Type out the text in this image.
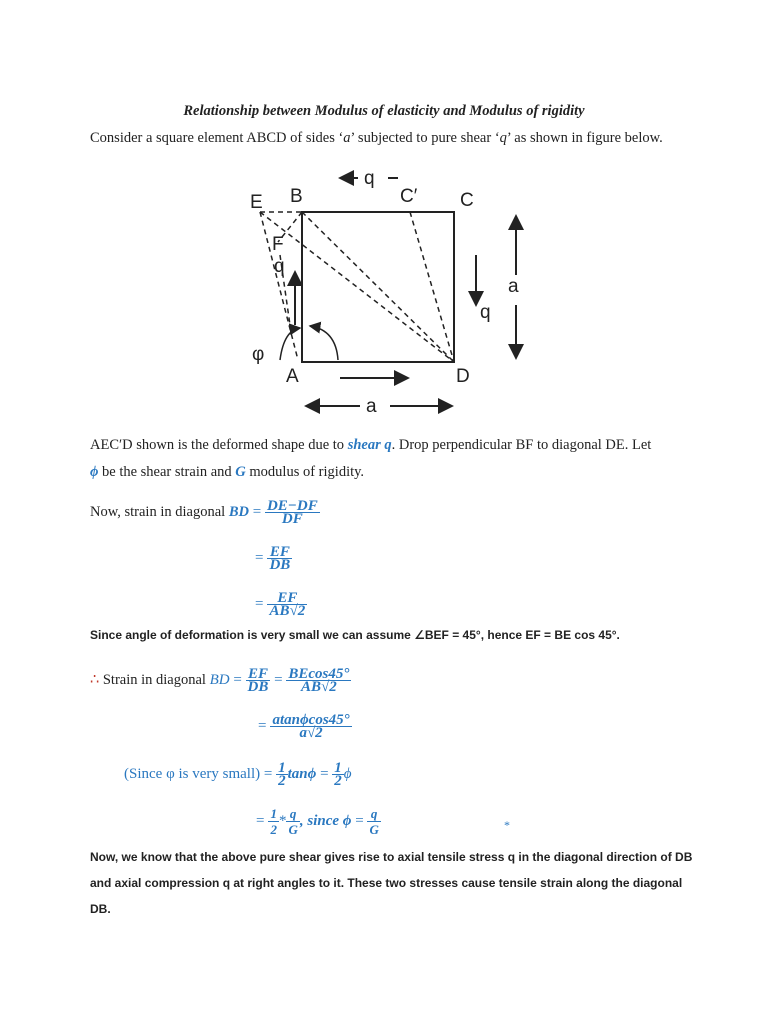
Relationship between Modulus of elasticity and Modulus of rigidity
Consider a square element ABCD of sides ‘a’ subjected to pure shear ‘q’ as shown in figure below.
E B	C′ C
F
q
φ
A	D
a
q
a
q
AEC′D shown is the deformed shape due to shear q. Drop perpendicular BF to diagonal DE. Let
ϕ be the shear strain and G modulus of rigidity.
Now, strain in diagonal BD = $\frac{DE-DF}{DF}$
= $\frac{EF}{DB}$
= $\frac{EF}{AB√2}$
Since angle of deformation is very small we can assume ∠BEF = 45°, hence EF = BE cos 45°.
∴ Strain in diagonal BD = $\frac{EF}{DB} = \frac{BEcos45^\circ}{AB√2}$
= $\frac{atan\phi\cos 45^\circ}{a√2}$
(Since φ is very small) = $\frac{1}{2}$ $\tan\phi = \frac{1}{2}$ ϕ
= $\frac{1}{2} * \frac{q}{G}$ , since $\phi = \frac{q}{G}$	*
Now, we know that the above pure shear gives rise to axial tensile stress q in the diagonal direction of DB
and axial compression q at right angles to it. These two stresses cause tensile strain along the diagonal
DB.
